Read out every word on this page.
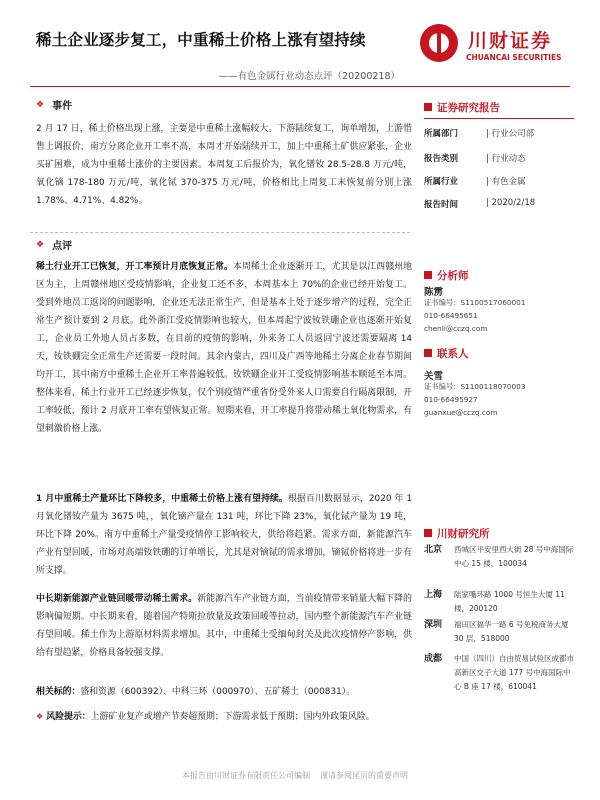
稀土企业逐步复工，中重稀土价格上涨有望持续	川财证券
CHUANCAI SECURITIES
——有色金属行业动态点评（20200218）
❖ 事件

2 月 17 日，稀土价格出现上涨，主要是中重稀土涨幅较大。下游陆续复工，询单增加，上游惜售上调报价，南方分离企业开工率不高，本周才开始陆续开工，加上中重稀土矿供应紧张，企业买矿困难，成为中重稀土涨价的主要因素。本周复工后报价为，氧化镨钕 28.5-28.8 万元/吨，氧化镝 178-180 万元/吨，氧化铽 370-375 万元/吨，价格相比上周复工未恢复前分别上涨 1.78%、4.71%、4.82%。

❖ 点评

稀土行业开工已恢复，开工率预计月底恢复正常。本周稀土企业逐渐开工，尤其是以江西赣州地区为主，上周赣州地区受疫情影响，企业复工还不多，本周基本上 70%的企业已经开始复工。受到外地员工返岗的问题影响，企业还无法正常生产，但是基本上处于逐步增产的过程，完全正常生产预计要到 2 月底。此外浙江受疫情影响也较大，但本周起宁波钕铁硼企业也逐渐开始复工，企业员工外地人员占多数，在目前的疫情的影响，外来务工人员返回宁波还需要隔离 14 天，钕铁硼完全正常生产还需要一段时间。其余内蒙古，四川及广西等地稀土分离企业春节期间均开工，其中南方中重稀土企业开工率普遍较低。钕铁硼企业开工受疫情影响基本顺延至本周。整体来看，稀土行业开工已经逐步恢复，仅个别疫情严重省份受外来人口需要自行隔离限制，开工率较低，预计 2 月底开工率有望恢复正常。短期来看，开工率提升将带动稀土氧化物需求，有望刺激价格上涨。

1 月中重稀土产量环比下降较多，中重稀土价格上涨有望持续。根据百川数据显示，2020 年 1 月氧化镨钕产量为 3675 吨，，氧化镝产量在 131 吨，环比下降 23%，氧化铽产量为 19 吨，环比下降 20%。南方中重稀土产量受疫情停工影响较大，供给将趋紧。需求方面，新能源汽车产业有望回暖，市场对高端钕铁硼的订单增长，尤其是对镝铽的需求增加，镝铽价格将进一步有所支撑。

中长期新能源产业链回暖带动稀土需求。新能源汽车产业链方面，当前疫情带来销量大幅下降的影响偏短期。中长期来看，随着国产特斯拉放量及政策回暖等拉动，国内整个新能源汽车产业链有望回暖。稀土作为上游原材料需求增加。其中，中重稀土受缅甸封关及此次疫情停产影响，供给有望趋紧，价格具备较强支撑。

相关标的：盛和资源（600392）、中科三环（000970）、五矿稀土（000831）。

❖ 风险提示：上游矿业复产或增产节奏超预期；下游需求低于预期；国内外政策风险。

证券研究报告
所属部门	| 行业公司部
报告类别	| 行业动态
所属行业	| 有色金属
报告时间	| 2020/2/18
分析师
陈雳
证书编号：S1100517060001
010-66495651
chenli@cczq.com
联系人
关雪
证书编号：S1100118070003
010-66495927
guanxue@cczq.com
川财研究所
北京	西城区平安里西大街 28 号中海国际中心 15 楼，100034
上海	陆家嘴环路 1000 号恒生大厦 11 楼，200120
深圳	福田区福华一路 6 号免税商务大厦 30 层，518000
成都	中国（四川）自由贸易试验区成都市高新区交子大道 177 号中海国际中心 B 座 17 楼，610041
本报告由川财证券有限责任公司编制 谨请参阅尾页的重要声明
